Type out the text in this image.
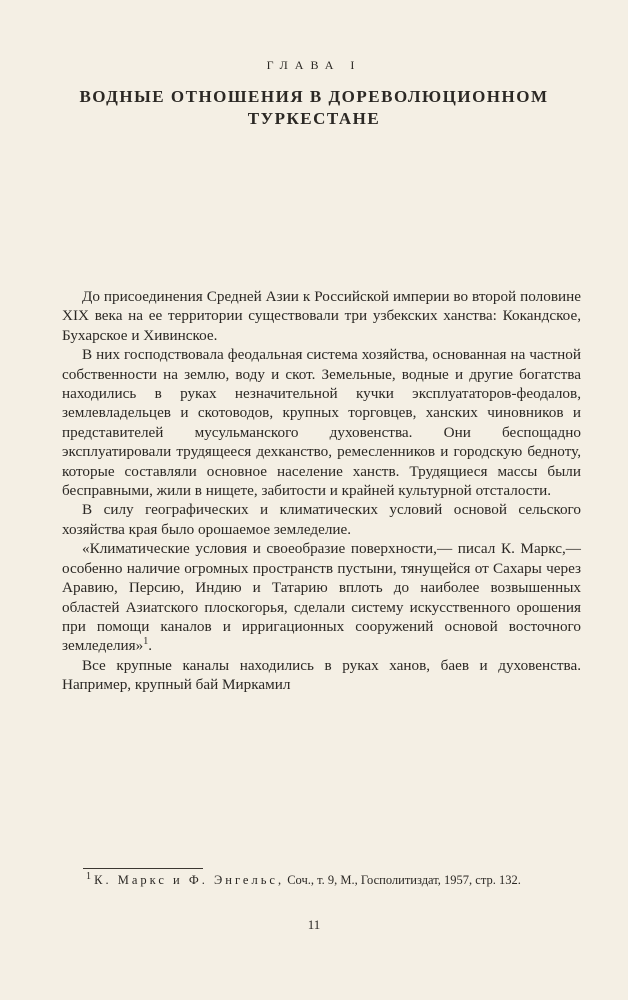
ГЛАВА I
ВОДНЫЕ ОТНОШЕНИЯ В ДОРЕВОЛЮЦИОННОМ ТУРКЕСТАНЕ

До присоединения Средней Азии к Российской империи во второй половине XIX века на ее территории существовали три узбекских ханства: Кокандское, Бухарское и Хивинское.

В них господствовала феодальная система хозяйства, основанная на частной собственности на землю, воду и скот. Земельные, водные и другие богатства находились в руках незначительной кучки эксплуататоров-феодалов, землевладельцев и скотоводов, крупных торговцев, ханских чиновников и представителей мусульманского духовенства. Они беспощадно эксплуатировали трудящееся дехканство, ремесленников и городскую бедноту, которые составляли основное население ханств. Трудящиеся массы были бесправными, жили в нищете, забитости и крайней культурной отсталости.

В силу географических и климатических условий основой сельского хозяйства края было орошаемое земледелие.

«Климатические условия и своеобразие поверхности,— писал К. Маркс,— особенно наличие огромных пространств пустыни, тянущейся от Сахары через Аравию, Персию, Индию и Татарию вплоть до наиболее возвышенных областей Азиатского плоскогорья, сделали систему искусственного орошения при помощи каналов и ирригационных сооружений основой восточного земледелия»$^1$.

Все крупные каналы находились в руках ханов, баев и духовенства. Например, крупный бай Миркамил

$^1$ К. Маркс и Ф. Энгельс, Соч., т. 9, М., Госполитиздат, 1957, стр. 132.

11
